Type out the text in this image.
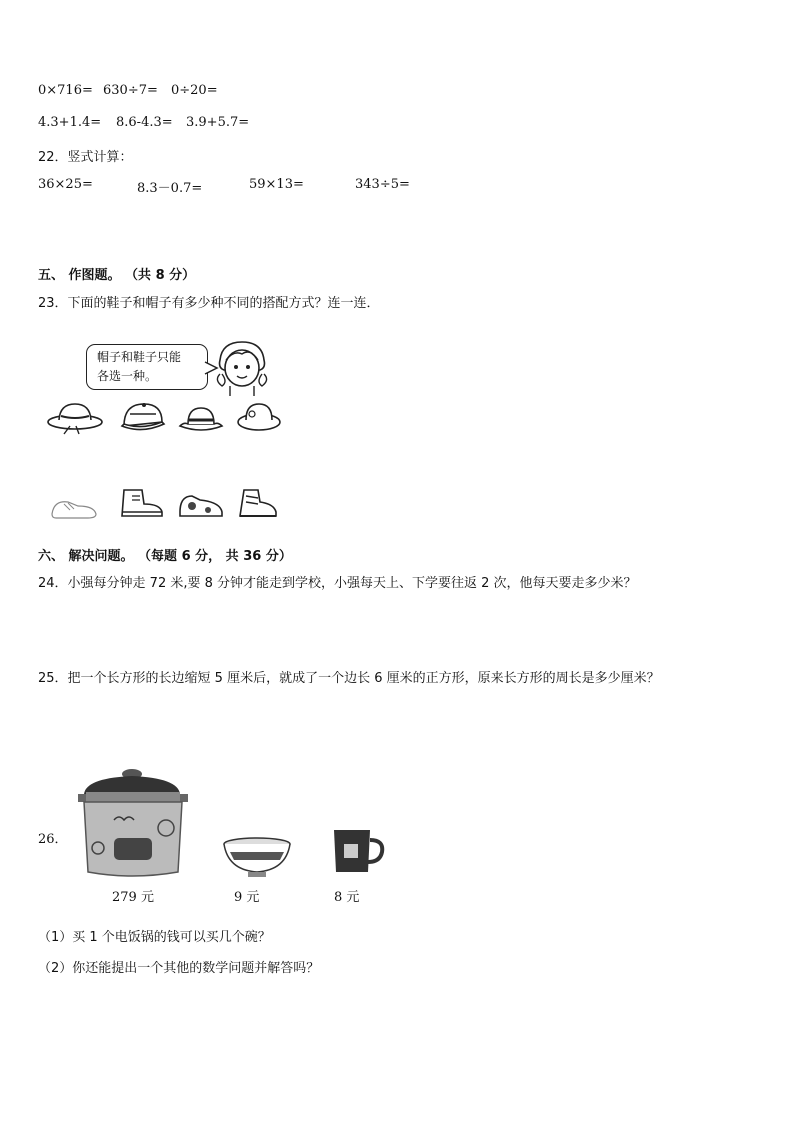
0×716= 630÷7= 0÷20=
4.3+1.4= 8.6-4.3= 3.9+5.7=
22．竖式计算：
36×25=	8.3－0.7=	59×13=	343÷5=
五、 作图题。 （共 8 分）
23．下面的鞋子和帽子有多少种不同的搭配方式？连一连．
帽子和鞋子只能
各选一种。
六、 解决问题。 （每题 6 分， 共 36 分）
24．小强每分钟走 72 米,要 8 分钟才能走到学校，小强每天上、下学要往返 2 次，他每天要走多少米？
25．把一个长方形的长边缩短 5 厘米后，就成了一个边长 6 厘米的正方形，原来长方形的周长是多少厘米？
26．
279 元	9 元	8 元
（1）买 1 个电饭锅的钱可以买几个碗？
（2）你还能提出一个其他的数学问题并解答吗？
